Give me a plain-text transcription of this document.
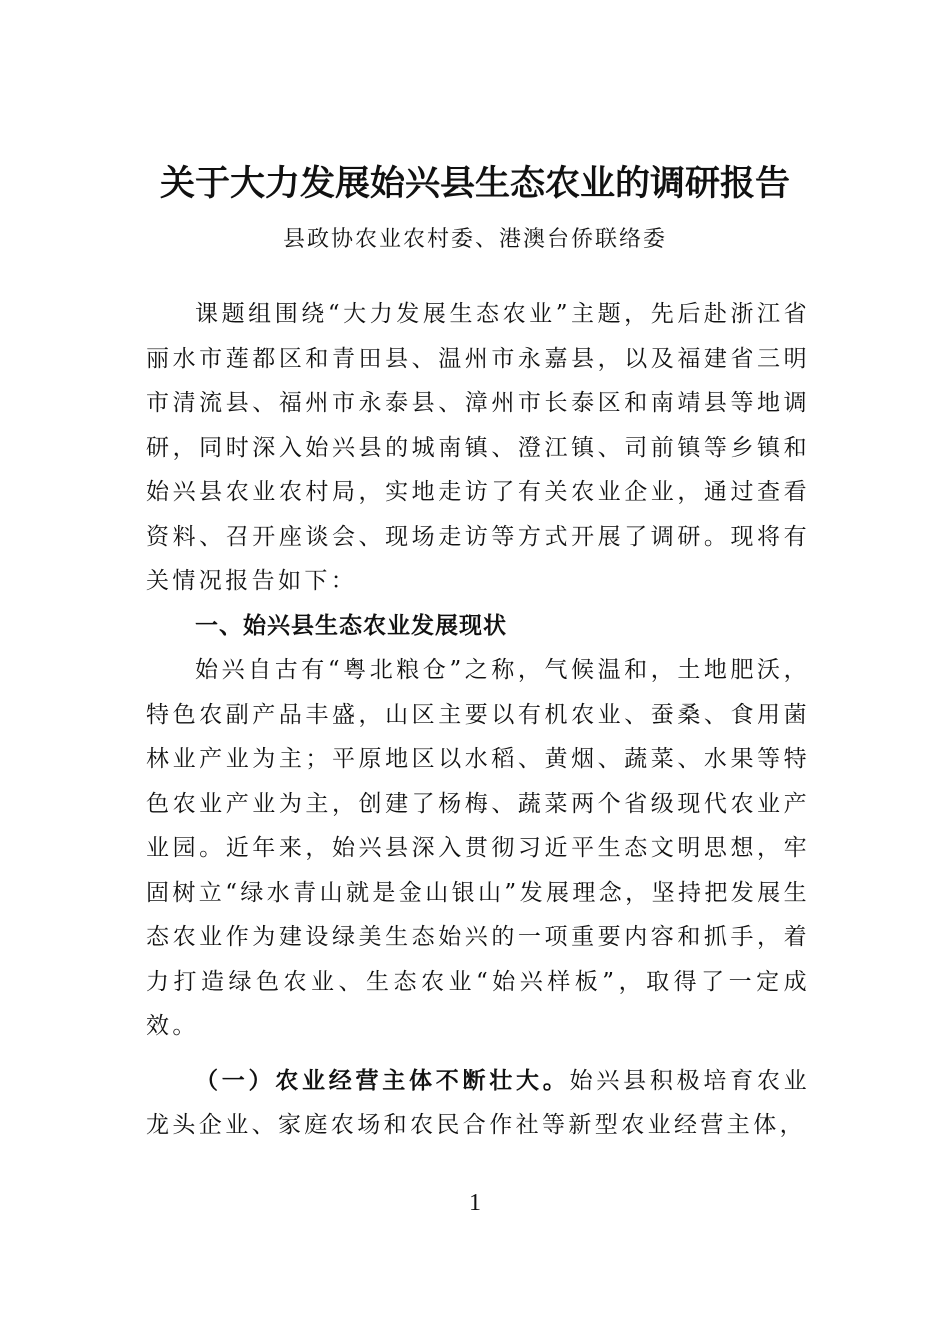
关于大力发展始兴县生态农业的调研报告
县政协农业农村委、港澳台侨联络委

课题组围绕“大力发展生态农业”主题，先后赴浙江省丽水市莲都区和青田县、温州市永嘉县，以及福建省三明市清流县、福州市永泰县、漳州市长泰区和南靖县等地调研，同时深入始兴县的城南镇、澄江镇、司前镇等乡镇和始兴县农业农村局，实地走访了有关农业企业，通过查看资料、召开座谈会、现场走访等方式开展了调研。现将有关情况报告如下：

一、始兴县生态农业发展现状

始兴自古有“粤北粮仓”之称，气候温和，土地肥沃，特色农副产品丰盛，山区主要以有机农业、蚕桑、食用菌林业产业为主；平原地区以水稻、黄烟、蔬菜、水果等特色农业产业为主，创建了杨梅、蔬菜两个省级现代农业产业园。近年来，始兴县深入贯彻习近平生态文明思想，牢固树立“绿水青山就是金山银山”发展理念，坚持把发展生态农业作为建设绿美生态始兴的一项重要内容和抓手，着力打造绿色农业、生态农业“始兴样板”，取得了一定成效。

（一）农业经营主体不断壮大。始兴县积极培育农业龙头企业、家庭农场和农民合作社等新型农业经营主体，

1
